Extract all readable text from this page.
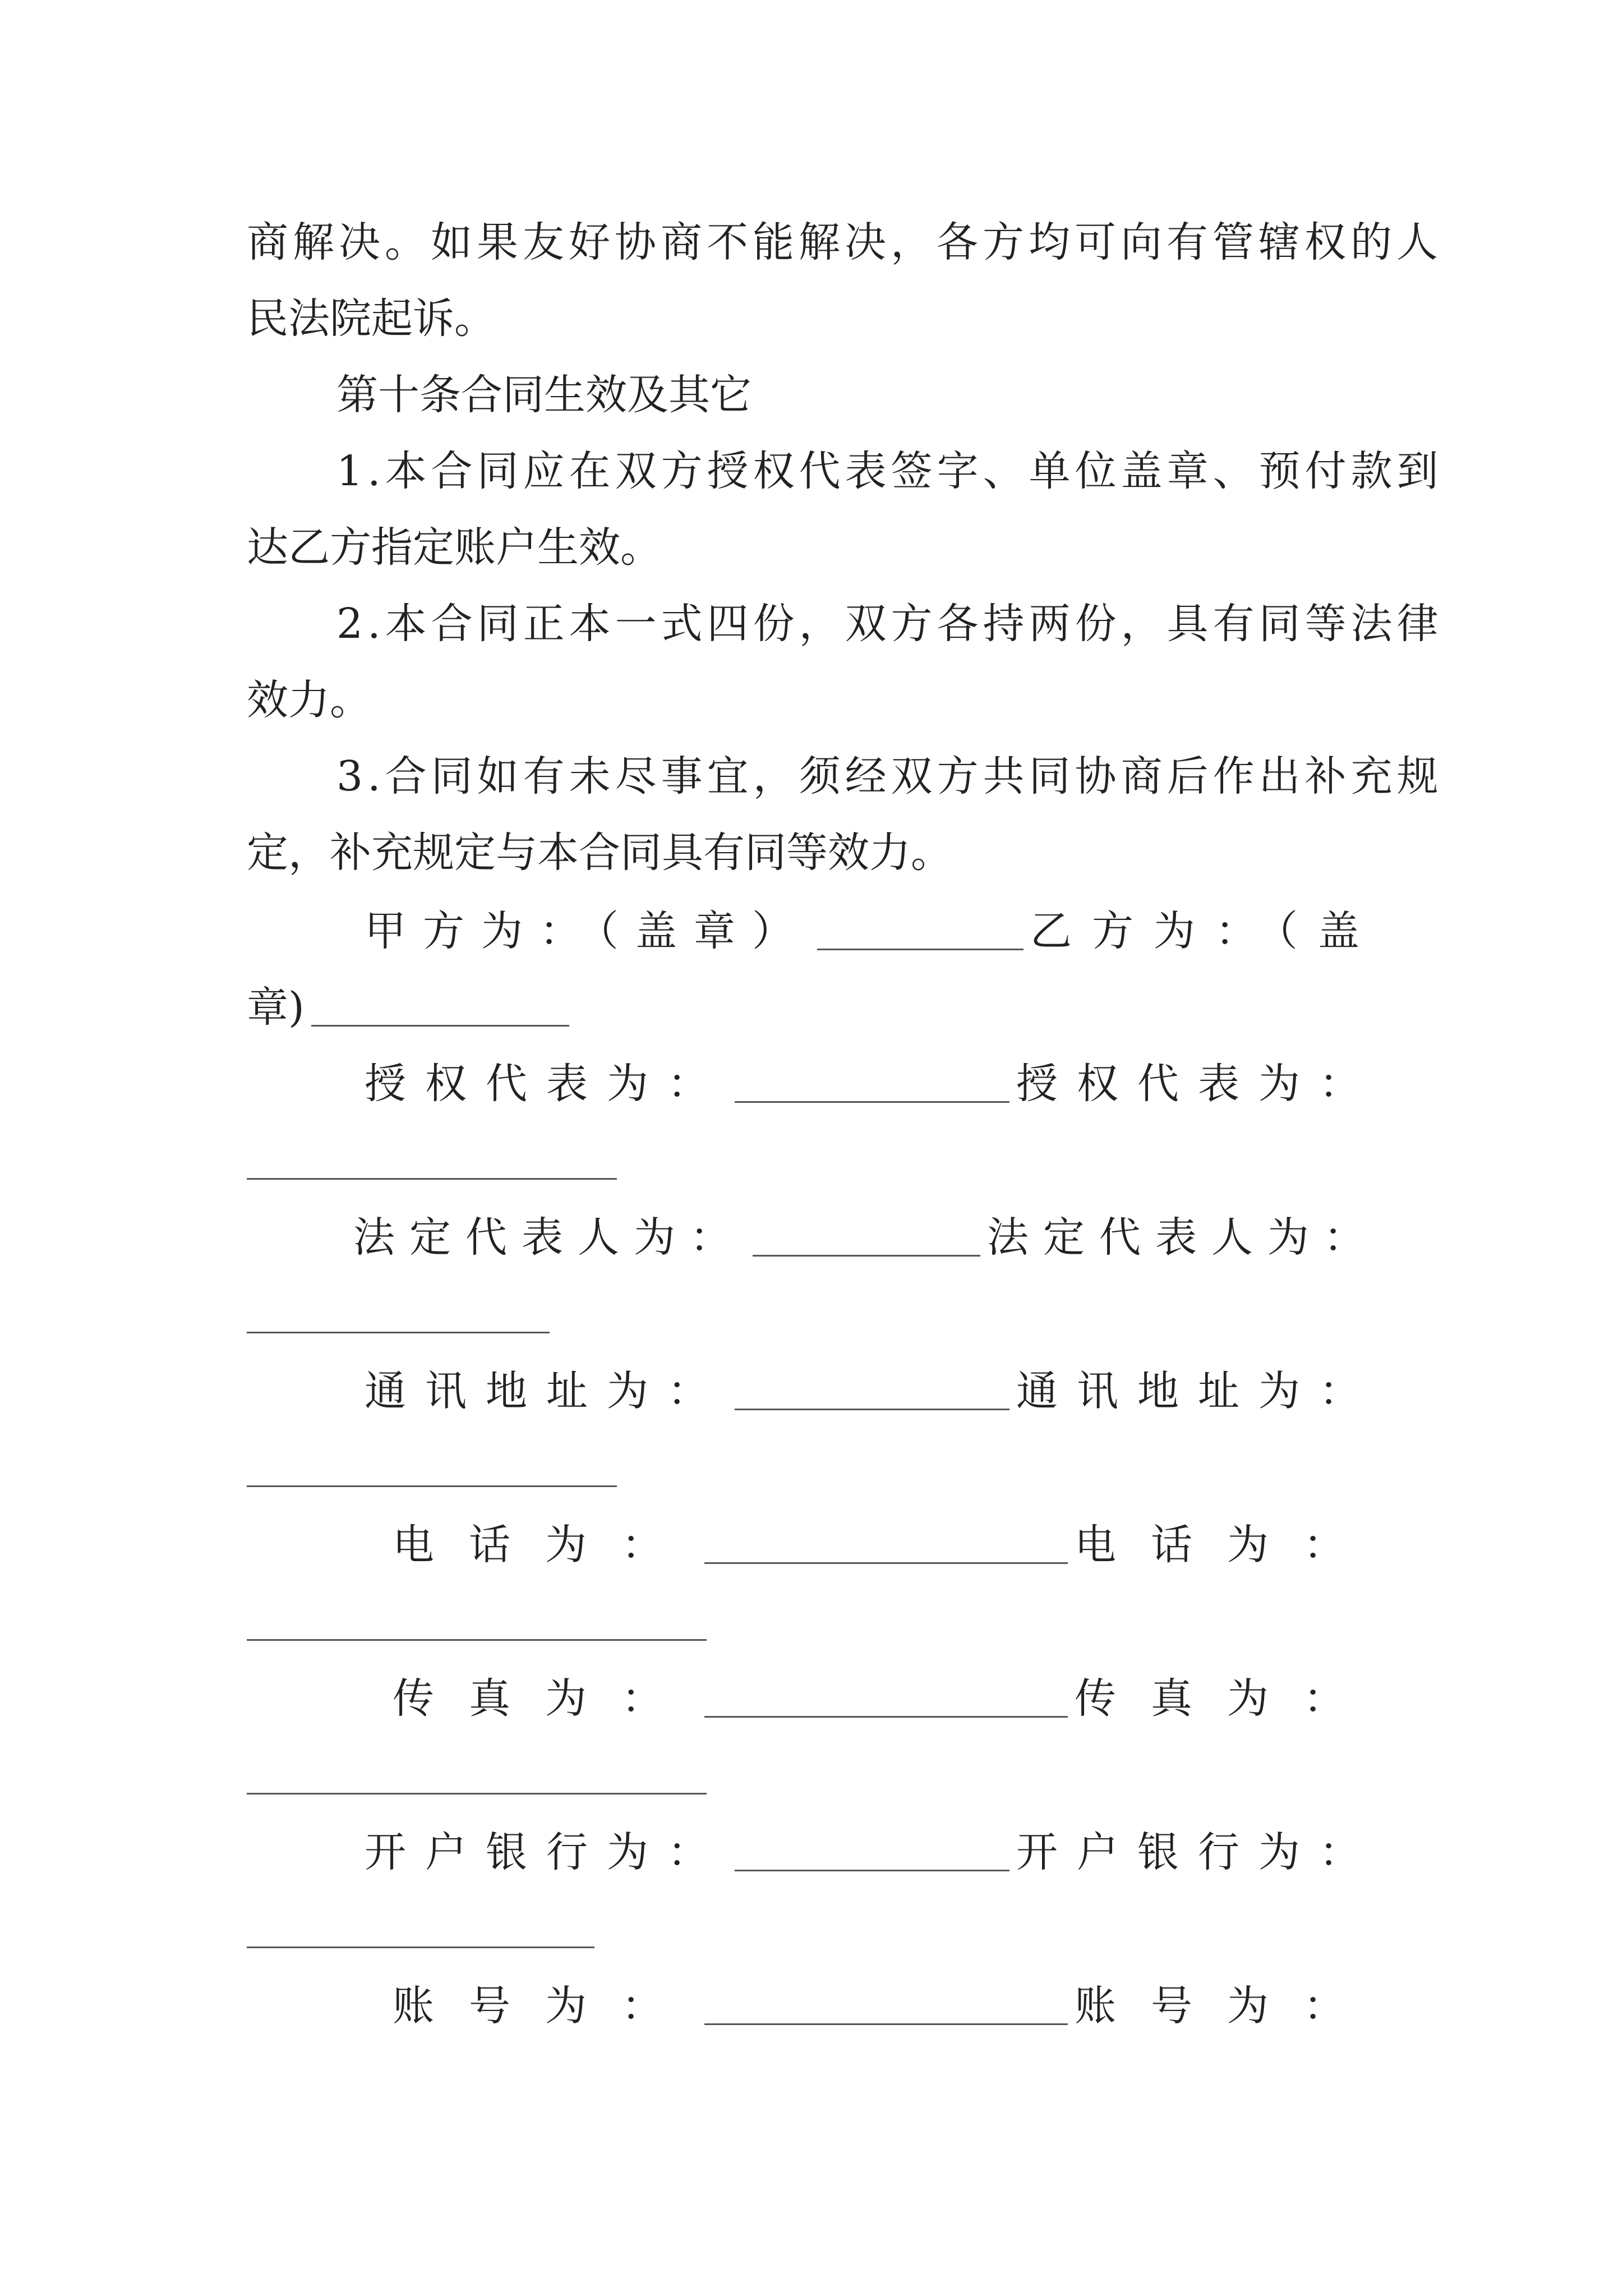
商解决。如果友好协商不能解决，各方均可向有管辖权的人
民法院起诉。
第十条合同生效及其它
1.本合同应在双方授权代表签字、单位盖章、预付款到
达乙方指定账户生效。
2.本合同正本一式四份，双方各持两份，具有同等法律
效力。
3.合同如有未尽事宜，须经双方共同协商后作出补充规
定，补充规定与本合同具有同等效力。
甲方为：（盖章）	乙方为：（盖
章)
授权代表为：	授权代表为：
法定代表人为：	法定代表人为：
通讯地址为：	通讯地址为：
电话为：	电话为：
传真为：	传真为：
开户银行为：	开户银行为：
账号为：	账号为：
